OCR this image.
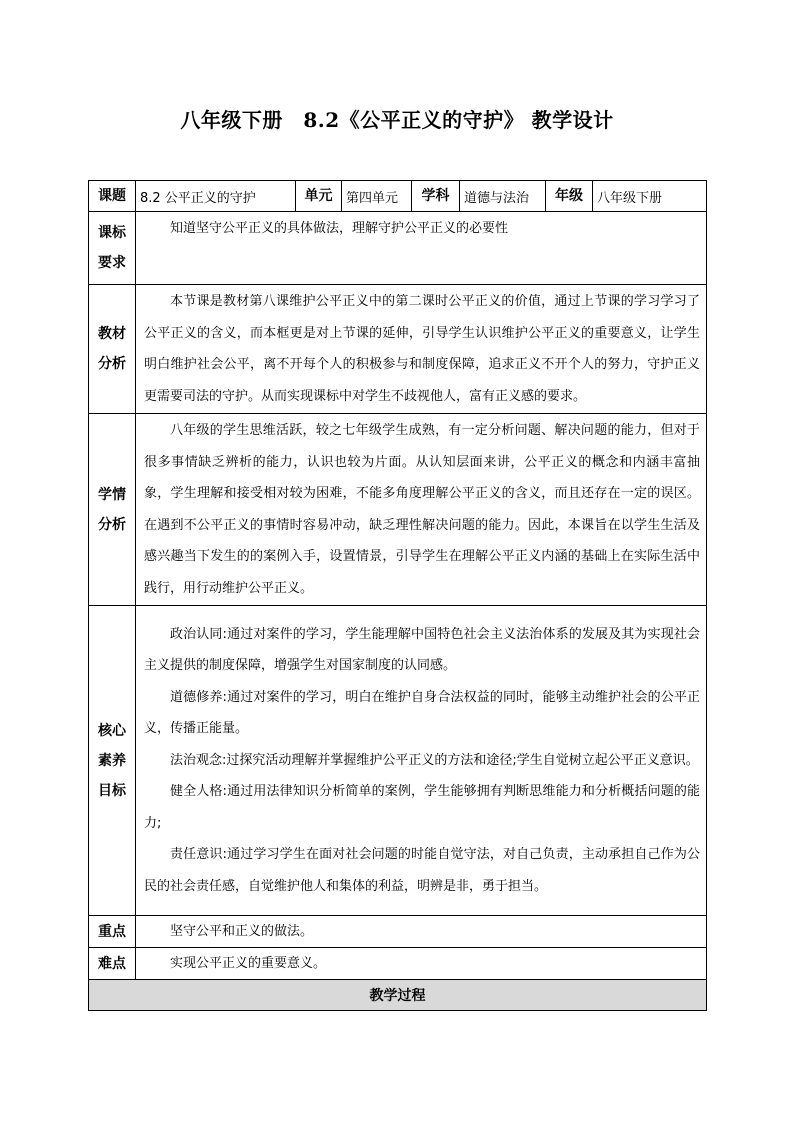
八年级下册　8.2《公平正义的守护》 教学设计
课题	8.2 公平正义的守护	单元	第四单元	学科	道德与法治	年级	八年级下册
课标要求	知道坚守公平正义的具体做法，理解守护公平正义的必要性						

教材分析	本节课是教材第八课维护公平正义中的第二课时公平正义的价值，通过上节课的学习学习了公平正义的含义，而本框更是对上节课的延伸，引导学生认识维护公平正义的重要意义，让学生明白维护社会公平，离不开每个人的积极参与和制度保障，追求正义不开个人的努力，守护正义更需要司法的守护。从而实现课标中对学生不歧视他人，富有正义感的要求。						

学情分析	八年级的学生思维活跃，较之七年级学生成熟，有一定分析问题、解决问题的能力，但对于很多事情缺乏辨析的能力，认识也较为片面。从认知层面来讲，公平正义的概念和内涵丰富抽象，学生理解和接受相对较为困难，不能多角度理解公平正义的含义，而且还存在一定的误区。在遇到不公平正义的事情时容易冲动，缺乏理性解决问题的能力。因此，本课旨在以学生生活及感兴趣当下发生的的案例入手，设置情景，引导学生在理解公平正义内涵的基础上在实际生活中践行，用行动维护公平正义。						

核心素养目标	政治认同:通过对案件的学习，学生能理解中国特色社会主义法治体系的发展及其为实现社会主义提供的制度保障，增强学生对国家制度的认同感。

道德修养:通过对案件的学习，明白在维护自身合法权益的同时，能够主动维护社会的公平正义，传播正能量。

法治观念:过探究活动理解并掌握维护公平正义的方法和途径;学生自觉树立起公平正义意识。

健全人格:通过用法律知识分析简单的案例，学生能够拥有判断思维能力和分析概括问题的能力;

责任意识:通过学习学生在面对社会问题的时能自觉守法，对自己负责，主动承担自己作为公民的社会责任感，自觉维护他人和集体的利益，明辨是非，勇于担当。						

重点	坚守公平和正义的做法。						

难点	实现公平正义的重要意义。						

教学过程							
